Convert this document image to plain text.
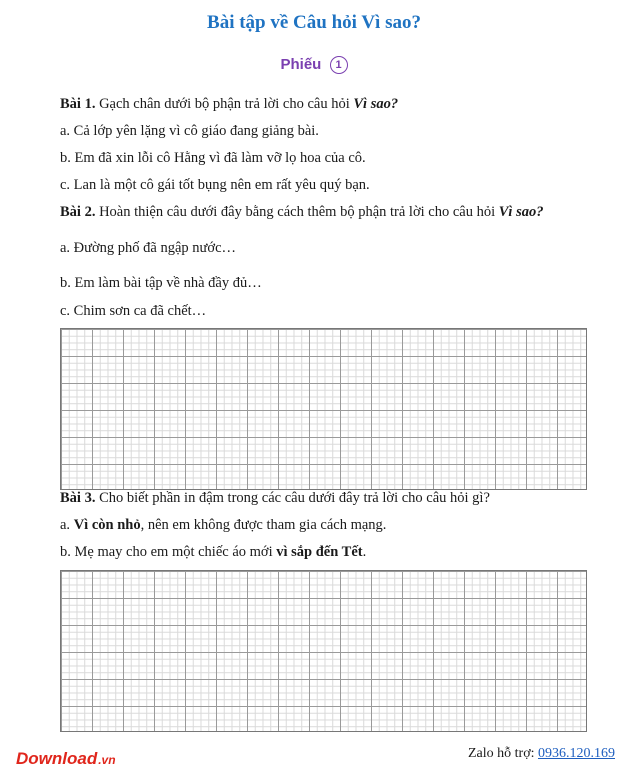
Bài tập về Câu hỏi Vì sao?
Phiếu 1
Bài 1. Gạch chân dưới bộ phận trả lời cho câu hỏi Vì sao?
a. Cả lớp yên lặng vì cô giáo đang giảng bài.
b. Em đã xin lỗi cô Hằng vì đã làm vỡ lọ hoa của cô.
c. Lan là một cô gái tốt bụng nên em rất yêu quý bạn.
Bài 2. Hoàn thiện câu dưới đây bằng cách thêm bộ phận trả lời cho câu hỏi Vì sao?
a. Đường phố đã ngập nước…
b. Em làm bài tập về nhà đầy đủ…
c. Chim sơn ca đã chết…
Bài 3. Cho biết phần in đậm trong các câu dưới đây trả lời cho câu hỏi gì?
a. Vì còn nhỏ, nên em không được tham gia cách mạng.
b. Mẹ may cho em một chiếc áo mới vì sắp đến Tết.
Download.vn	Zalo hỗ trợ: 0936.120.169
